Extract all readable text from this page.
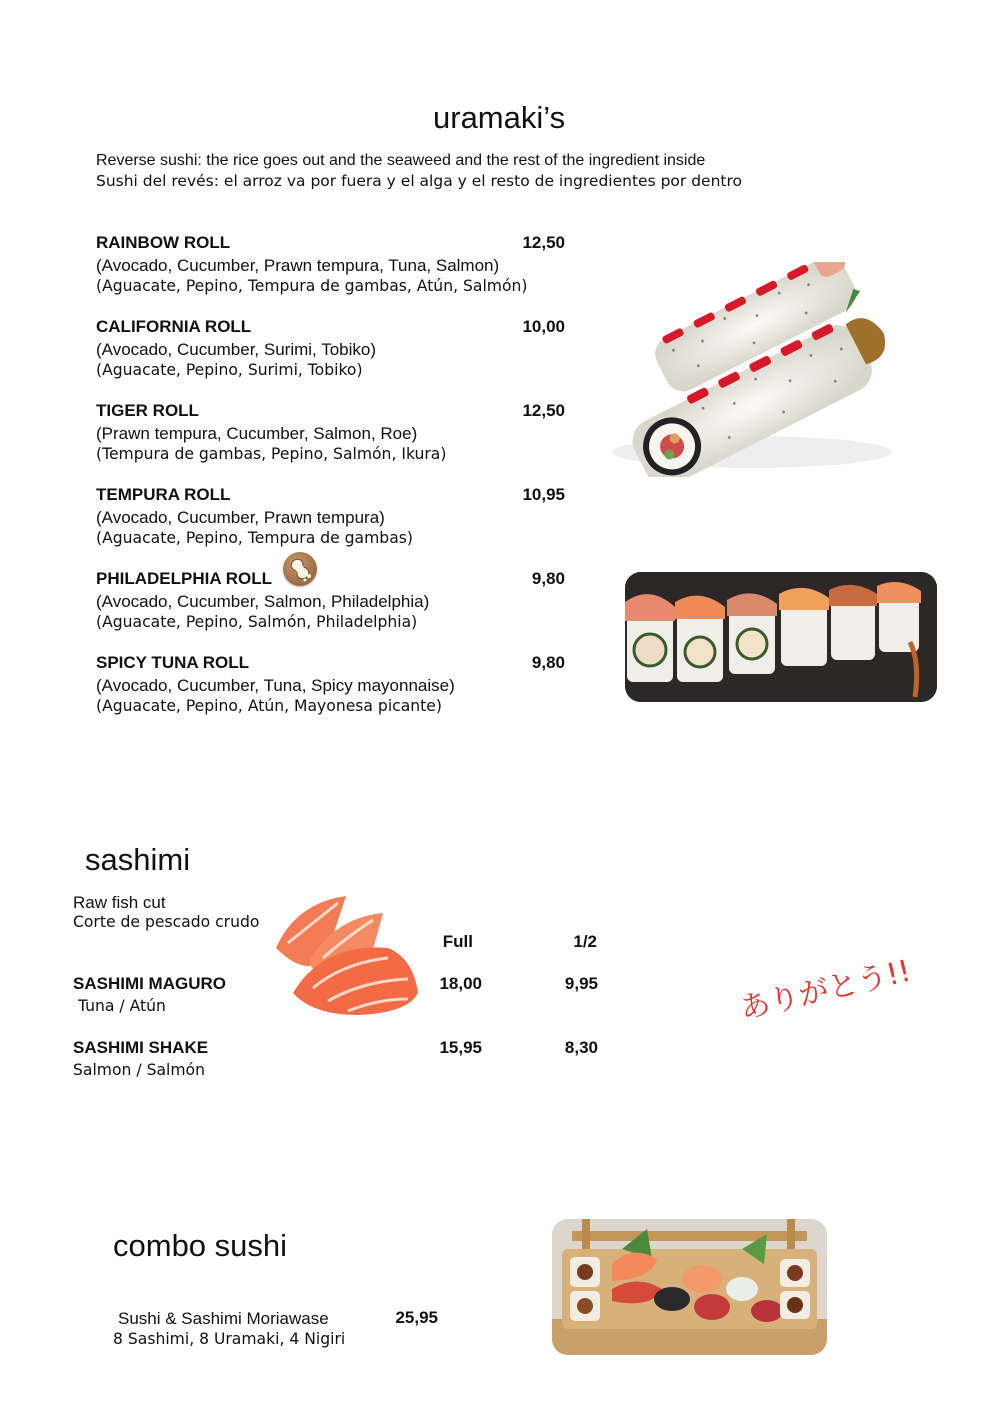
uramaki’s
Reverse sushi: the rice goes out and the seaweed and the rest of the ingredient inside
Sushi del revés: el arroz va por fuera y el alga y el resto de ingredientes por dentro
RAINBOW ROLL	12,50
(Avocado, Cucumber, Prawn tempura, Tuna, Salmon)
(Aguacate, Pepino, Tempura de gambas, Atún, Salmón)
CALIFORNIA ROLL	10,00
(Avocado, Cucumber, Surimi, Tobiko)
(Aguacate, Pepino, Surimi, Tobiko)
TIGER ROLL	12,50
(Prawn tempura, Cucumber, Salmon, Roe)
(Tempura de gambas, Pepino, Salmón, Ikura)
TEMPURA ROLL	10,95
(Avocado, Cucumber, Prawn tempura)
(Aguacate, Pepino, Tempura de gambas)
PHILADELPHIA ROLL	9,80
(Avocado, Cucumber, Salmon, Philadelphia)
(Aguacate, Pepino, Salmón, Philadelphia)
SPICY TUNA ROLL	9,80
(Avocado, Cucumber, Tuna, Spicy mayonnaise)
(Aguacate, Pepino, Atún, Mayonesa picante)
sashimi
Raw fish cut
Corte de pescado crudo
Full	1/2
SASHIMI MAGURO	18,00	9,95
Tuna / Atún
SASHIMI SHAKE	15,95	8,30
Salmon / Salmón
ありがとう!!
combo sushi
Sushi & Sashimi Moriawase	25,95
8 Sashimi, 8 Uramaki, 4 Nigiri
